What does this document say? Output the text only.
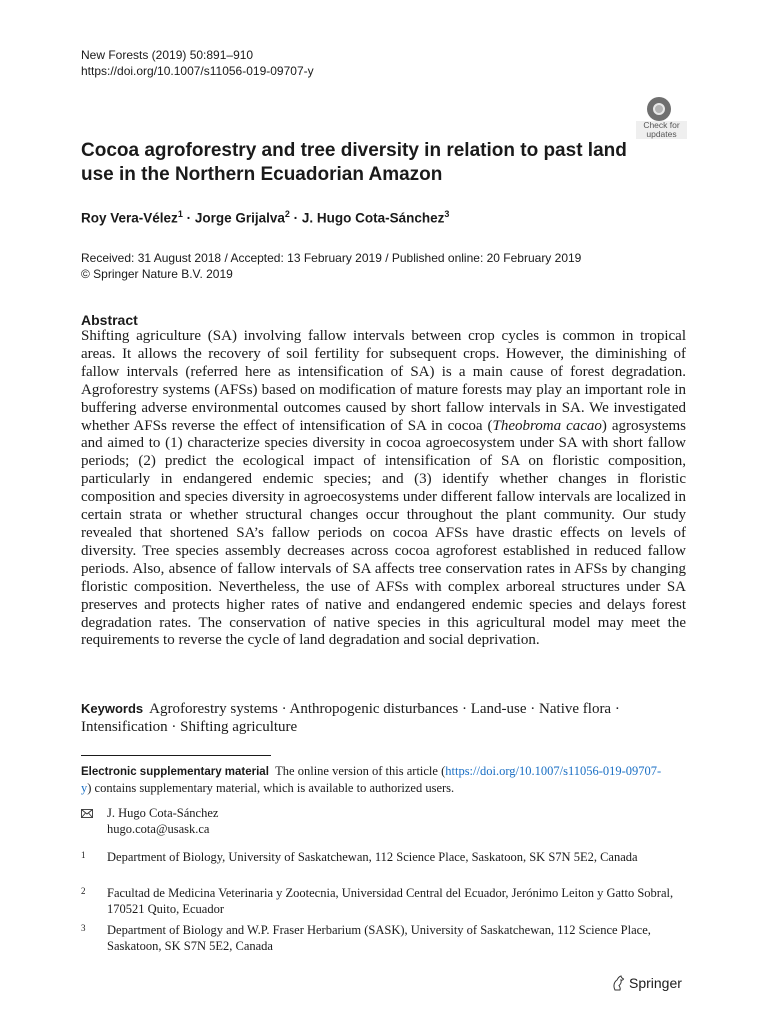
New Forests (2019) 50:891–910
https://doi.org/10.1007/s11056-019-09707-y
Check for
updates
Cocoa agroforestry and tree diversity in relation to past land use in the Northern Ecuadorian Amazon
Roy Vera-Vélez$^1$ · Jorge Grijalva$^2$ · J. Hugo Cota-Sánchez$^3$
Received: 31 August 2018 / Accepted: 13 February 2019 / Published online: 20 February 2019
© Springer Nature B.V. 2019
Abstract
Shifting agriculture (SA) involving fallow intervals between crop cycles is common in tropical areas. It allows the recovery of soil fertility for subsequent crops. However, the diminishing of fallow intervals (referred here as intensification of SA) is a main cause of forest degradation. Agroforestry systems (AFSs) based on modification of mature forests may play an important role in buffering adverse environmental outcomes caused by short fallow intervals in SA. We investigated whether AFSs reverse the effect of intensification of SA in cocoa (Theobroma cacao) agrosystems and aimed to (1) characterize species diversity in cocoa agroecosystem under SA with short fallow periods; (2) predict the ecological impact of intensification of SA on floristic composition, particularly in endangered endemic species; and (3) identify whether changes in floristic composition and species diversity in agroecosystems under different fallow intervals are localized in certain strata or whether structural changes occur throughout the plant community. Our study revealed that shortened SA’s fallow periods on cocoa AFSs have drastic effects on levels of diversity. Tree species assembly decreases across cocoa agroforest established in reduced fallow periods. Also, absence of fallow intervals of SA affects tree conservation rates in AFSs by changing floristic composition. Nevertheless, the use of AFSs with complex arboreal structures under SA preserves and protects higher rates of native and endangered endemic species and delays forest degradation rates. The conservation of native species in this agricultural model may meet the requirements to reverse the cycle of land degradation and social deprivation.
Keywords Agroforestry systems · Anthropogenic disturbances · Land-use · Native flora · Intensification · Shifting agriculture
Electronic supplementary material The online version of this article (https://doi.org/10.1007/s11056-019-09707-y) contains supplementary material, which is available to authorized users.
J. Hugo Cota-Sánchez
hugo.cota@usask.ca
1 Department of Biology, University of Saskatchewan, 112 Science Place, Saskatoon, SK S7N 5E2, Canada
2 Facultad de Medicina Veterinaria y Zootecnia, Universidad Central del Ecuador, Jerónimo Leiton y Gatto Sobral, 170521 Quito, Ecuador
3 Department of Biology and W.P. Fraser Herbarium (SASK), University of Saskatchewan, 112 Science Place, Saskatoon, SK S7N 5E2, Canada
Springer
